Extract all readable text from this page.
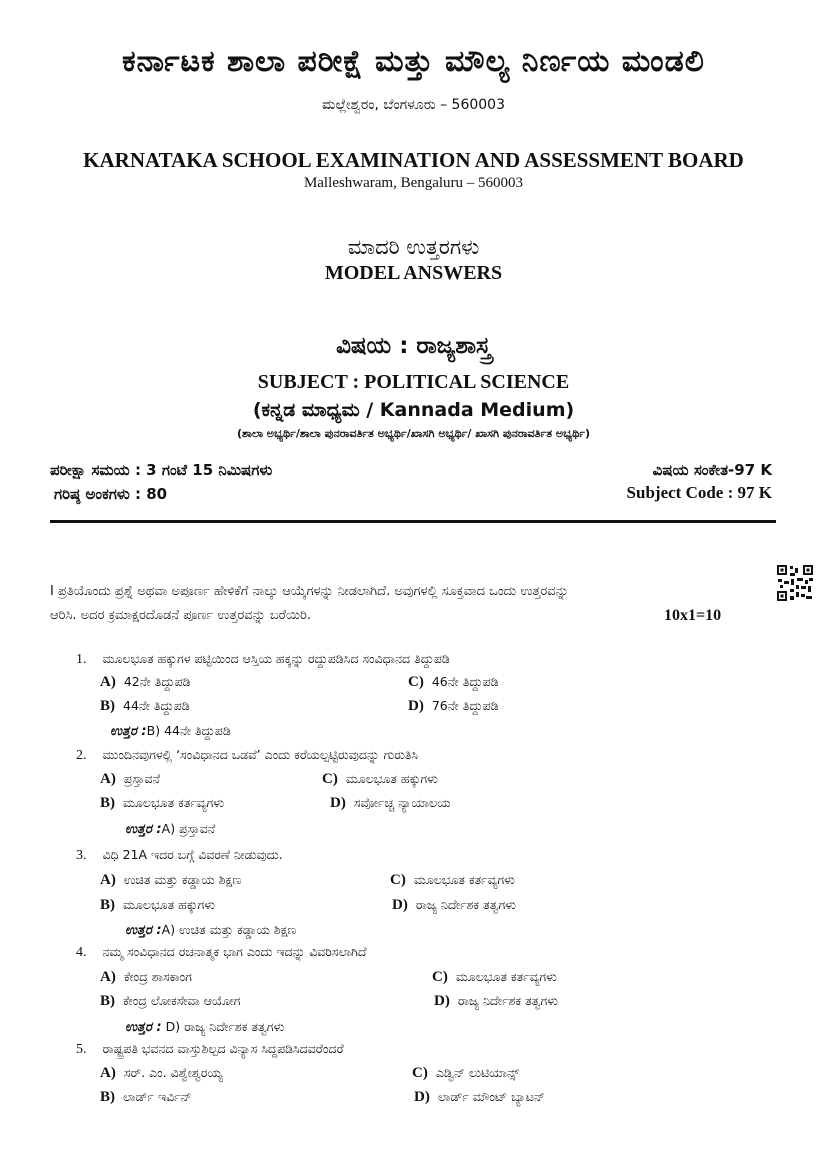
ಕರ್ನಾಟಕ ಶಾಲಾ ಪರೀಕ್ಷೆ ಮತ್ತು ಮೌಲ್ಯ ನಿರ್ಣಯ ಮಂಡಲಿ
ಮಲ್ಲೇಶ್ವರಂ, ಬೆಂಗಳೂರು – 560003
KARNATAKA SCHOOL EXAMINATION AND ASSESSMENT BOARD
Malleshwaram, Bengaluru – 560003
ಮಾದರಿ ಉತ್ತರಗಳು
MODEL ANSWERS
ವಿಷಯ : ರಾಜ್ಯಶಾಸ್ತ್ರ
SUBJECT : POLITICAL SCIENCE
(ಕನ್ನಡ ಮಾಧ್ಯಮ / Kannada Medium)
(ಶಾಲಾ ಅಭ್ಯರ್ಥಿ/ಶಾಲಾ ಪುನರಾವರ್ತಿತ ಅಭ್ಯರ್ಥಿ/ಖಾಸಗಿ ಅಭ್ಯರ್ಥಿ/ ಖಾಸಗಿ ಪುನರಾವರ್ತಿತ ಅಭ್ಯರ್ಥಿ)
ಪರೀಕ್ಷಾ ಸಮಯ : 3 ಗಂಟೆ 15 ನಿಮಿಷಗಳು
ಗರಿಷ್ಠ ಅಂಕಗಳು : 80
ವಿಷಯ ಸಂಕೇತ-97 K
Subject Code : 97 K
I ಪ್ರತಿಯೊಂದು ಪ್ರಶ್ನೆ ಅಥವಾ ಅಪೂರ್ಣ ಹೇಳಿಕೆಗೆ ನಾಲ್ಕು ಆಯ್ಕೆಗಳನ್ನು ನೀಡಲಾಗಿದೆ. ಅವುಗಳಲ್ಲಿ ಸೂಕ್ತವಾದ ಒಂದು ಉತ್ತರವನ್ನು
ಆರಿಸಿ. ಅದರ ಕ್ರಮಾಕ್ಷರದೊಡನೆ ಪೂರ್ಣ ಉತ್ತರವನ್ನು ಬರೆಯಿರಿ.	10x1=10
1. ಮೂಲಭೂತ ಹಕ್ಕುಗಳ ಪಟ್ಟಿಯಿಂದ ಆಸ್ತಿಯ ಹಕ್ಕನ್ನು ರದ್ದುಪಡಿಸಿದ ಸಂವಿಧಾನದ ತಿದ್ದುಪಡಿ
A) 42ನೇ ತಿದ್ದುಪಡಿ	C) 46ನೇ ತಿದ್ದುಪಡಿ
B) 44ನೇ ತಿದ್ದುಪಡಿ	D) 76ನೇ ತಿದ್ದುಪಡಿ
ಉತ್ತರ :B) 44ನೇ ತಿದ್ದುಪಡಿ
2. ಮುಂದಿನವುಗಳಲ್ಲಿ ‘ಸಂವಿಧಾನದ ಒಡವೆ’ ಎಂದು ಕರೆಯಲ್ಪಟ್ಟಿರುವುದನ್ನು ಗುರುತಿಸಿ
A) ಪ್ರಸ್ತಾವನೆ	C) ಮೂಲಭೂತ ಹಕ್ಕುಗಳು
B) ಮೂಲಭೂತ ಕರ್ತವ್ಯಗಳು	D) ಸರ್ವೋಚ್ಚ ನ್ಯಾಯಾಲಯ
ಉತ್ತರ :A) ಪ್ರಸ್ತಾವನೆ
3. ವಿಧಿ 21A ಇದರ ಬಗ್ಗೆ ವಿವರಣೆ ನೀಡುವುದು.
A) ಉಚಿತ ಮತ್ತು ಕಡ್ಡಾಯ ಶಿಕ್ಷಣ	C) ಮೂಲಭೂತ ಕರ್ತವ್ಯಗಳು
B) ಮೂಲಭೂತ ಹಕ್ಕುಗಳು	D) ರಾಜ್ಯ ನಿರ್ದೇಶಕ ತತ್ವಗಳು
ಉತ್ತರ :A) ಉಚಿತ ಮತ್ತು ಕಡ್ಡಾಯ ಶಿಕ್ಷಣ
4. ನಮ್ಮ ಸಂವಿಧಾನದ ರಚನಾತ್ಮಕ ಭಾಗ ಎಂದು ಇದನ್ನು ವಿವರಿಸಲಾಗಿದೆ
A) ಕೇಂದ್ರ ಶಾಸಕಾಂಗ	C) ಮೂಲಭೂತ ಕರ್ತವ್ಯಗಳು
B) ಕೇಂದ್ರ ಲೋಕಸೇವಾ ಆಯೋಗ	D) ರಾಜ್ಯ ನಿರ್ದೇಶಕ ತತ್ವಗಳು
ಉತ್ತರ : D) ರಾಜ್ಯ ನಿರ್ದೇಶಕ ತತ್ವಗಳು
5. ರಾಷ್ಟ್ರಪತಿ ಭವನದ ವಾಸ್ತುಶಿಲ್ಪದ ವಿನ್ಯಾಸ ಸಿದ್ದಪಡಿಸಿದವರೆಂದರೆ
A) ಸರ್. ಎಂ. ವಿಶ್ವೇಶ್ವರಯ್ಯ	C) ಎಡ್ವಿನ್ ಲುಟಿಯಾನ್ಸ್
B) ಲಾರ್ಡ್ ಇರ್ವಿನ್	D) ಲಾರ್ಡ್ ಮೌಂಟ್ ಬ್ಯಾಟನ್
